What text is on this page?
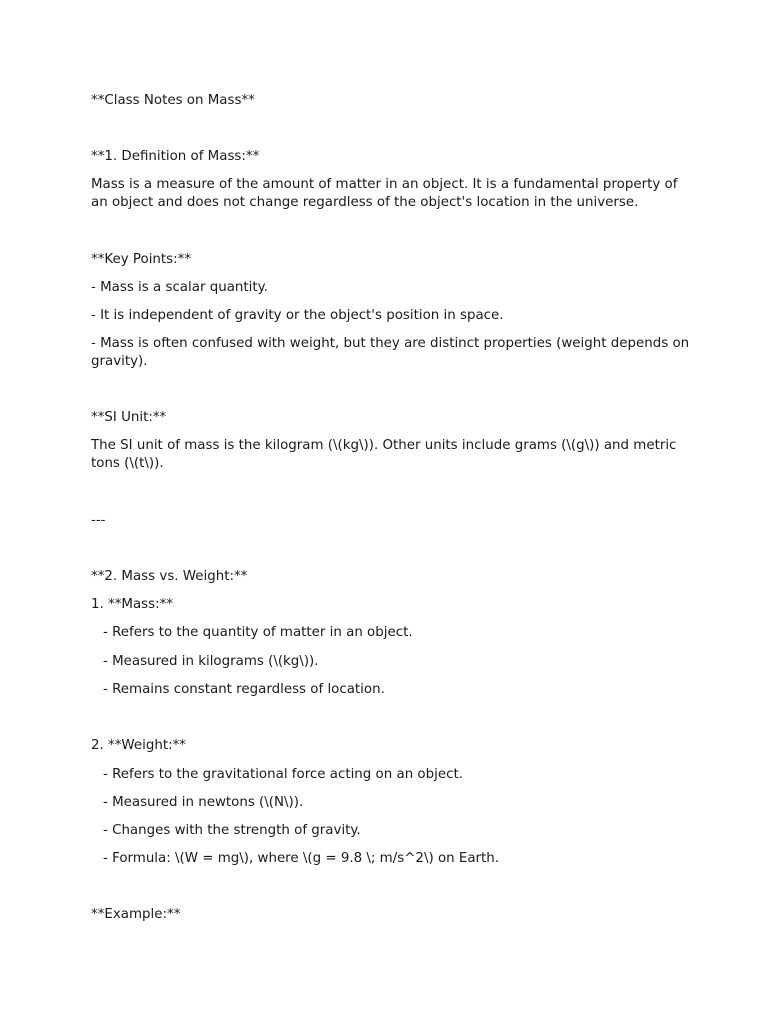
**Class Notes on Mass**

**1. Definition of Mass:**

Mass is a measure of the amount of matter in an object. It is a fundamental property of an object and does not change regardless of the object's location in the universe.

**Key Points:**

- Mass is a scalar quantity.

- It is independent of gravity or the object's position in space.

- Mass is often confused with weight, but they are distinct properties (weight depends on gravity).

**SI Unit:**

The SI unit of mass is the kilogram (\(kg\)). Other units include grams (\(g\)) and metric tons (\(t\)).

---

**2. Mass vs. Weight:**

1. **Mass:**

- Refers to the quantity of matter in an object.

- Measured in kilograms (\(kg\)).

- Remains constant regardless of location.

2. **Weight:**

- Refers to the gravitational force acting on an object.

- Measured in newtons (\(N\)).

- Changes with the strength of gravity.

- Formula: \(W = mg\), where \(g = 9.8 \; m/s^2\) on Earth.

**Example:**
